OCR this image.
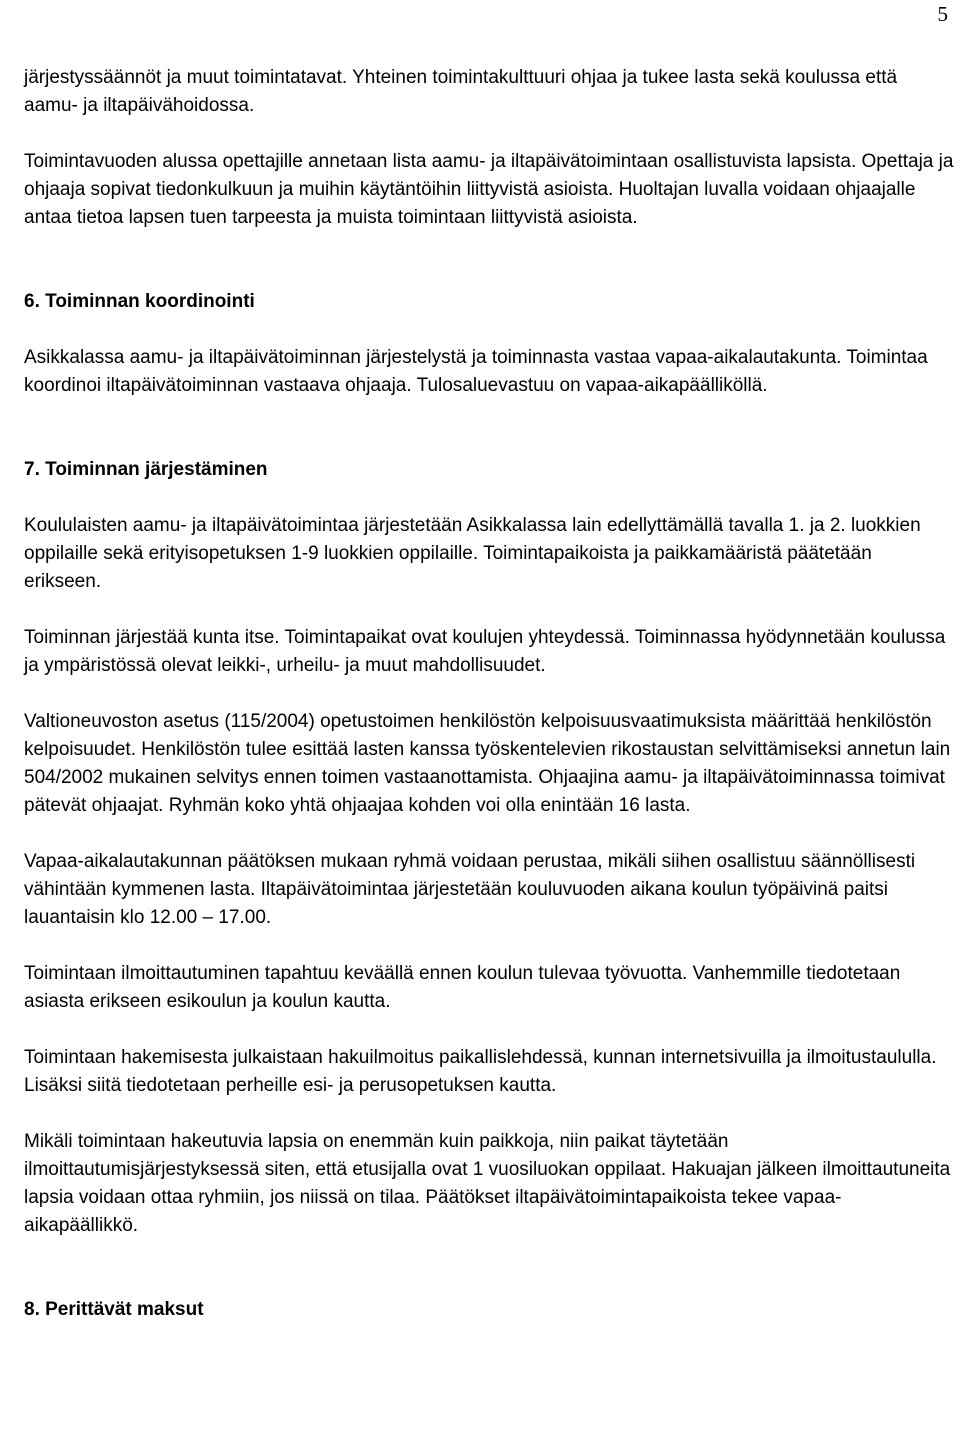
5

järjestyssäännöt ja muut toimintatavat. Yhteinen toimintakulttuuri ohjaa ja tukee lasta sekä koulussa että aamu- ja iltapäivähoidossa.

Toimintavuoden alussa opettajille annetaan lista aamu- ja iltapäivätoimintaan osallistuvista lapsista. Opettaja ja ohjaaja sopivat tiedonkulkuun ja muihin käytäntöihin liittyvistä asioista. Huoltajan luvalla voidaan ohjaajalle antaa tietoa lapsen tuen tarpeesta ja muista toimintaan liittyvistä asioista.

6. Toiminnan koordinointi

Asikkalassa aamu- ja iltapäivätoiminnan järjestelystä ja toiminnasta vastaa vapaa-aikalautakunta. Toimintaa koordinoi iltapäivätoiminnan vastaava ohjaaja. Tulosaluevastuu on vapaa-aikapäälliköllä.

7. Toiminnan järjestäminen

Koululaisten aamu- ja iltapäivätoimintaa järjestetään Asikkalassa lain edellyttämällä tavalla 1. ja 2. luokkien oppilaille sekä erityisopetuksen 1-9 luokkien oppilaille. Toimintapaikoista ja paikkamääristä päätetään erikseen.

Toiminnan järjestää kunta itse. Toimintapaikat ovat koulujen yhteydessä. Toiminnassa hyödynnetään koulussa ja ympäristössä olevat leikki-, urheilu- ja muut mahdollisuudet.

Valtioneuvoston asetus (115/2004) opetustoimen henkilöstön kelpoisuusvaatimuksista määrittää henkilöstön kelpoisuudet. Henkilöstön tulee esittää lasten kanssa työskentelevien rikostaustan selvittämiseksi annetun lain 504/2002 mukainen selvitys ennen toimen vastaanottamista. Ohjaajina aamu- ja iltapäivätoiminnassa toimivat pätevät ohjaajat. Ryhmän koko yhtä ohjaajaa kohden voi olla enintään 16 lasta.

Vapaa-aikalautakunnan päätöksen mukaan ryhmä voidaan perustaa, mikäli siihen osallistuu säännöllisesti vähintään kymmenen lasta. Iltapäivätoimintaa järjestetään kouluvuoden aikana koulun työpäivinä paitsi lauantaisin klo 12.00 – 17.00.

Toimintaan ilmoittautuminen tapahtuu keväällä ennen koulun tulevaa työvuotta. Vanhemmille tiedotetaan asiasta erikseen esikoulun ja koulun kautta.

Toimintaan hakemisesta julkaistaan hakuilmoitus paikallislehdessä, kunnan internetsivuilla ja ilmoitustaululla. Lisäksi siitä tiedotetaan perheille esi- ja perusopetuksen kautta.

Mikäli toimintaan hakeutuvia lapsia on enemmän kuin paikkoja, niin paikat täytetään ilmoittautumisjärjestyksessä siten, että etusijalla ovat 1 vuosiluokan oppilaat. Hakuajan jälkeen ilmoittautuneita lapsia voidaan ottaa ryhmiin, jos niissä on tilaa. Päätökset iltapäivätoimintapaikoista tekee vapaa-aikapäällikkö.

8. Perittävät maksut
